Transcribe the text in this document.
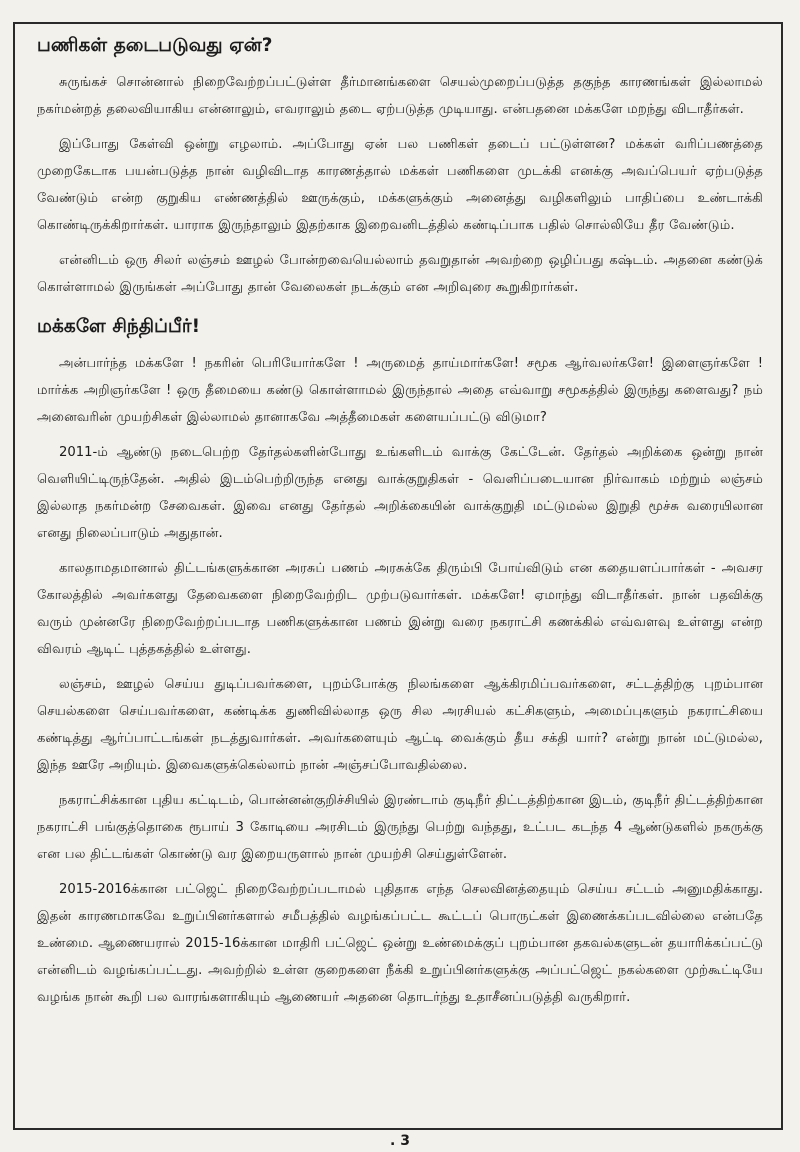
பணிகள் தடைபடுவது ஏன்?

சுருங்கச் சொன்னால் நிறைவேற்றப்பட்டுள்ள தீர்மானங்களை செயல்முறைப்படுத்த தகுந்த காரணங்கள் இல்லாமல் நகர்மன்றத் தலைவியாகிய என்னாலும், எவராலும் தடை ஏற்படுத்த முடியாது. என்பதனை மக்களே மறந்து விடாதீர்கள்.

இப்போது கேள்வி ஒன்று எழலாம். அப்போது ஏன் பல பணிகள் தடைப் பட்டுள்ளன? மக்கள் வரிப்பணத்தை முறைகேடாக பயன்படுத்த நான் வழிவிடாத காரணத்தால் மக்கள் பணிகளை முடக்கி எனக்கு அவப்பெயர் ஏற்படுத்த வேண்டும் என்ற குறுகிய எண்ணத்தில் ஊருக்கும், மக்களுக்கும் அனைத்து வழிகளிலும் பாதிப்பை உண்டாக்கி கொண்டிருக்கிறார்கள். யாராக இருந்தாலும் இதற்காக இறைவனிடத்தில் கண்டிப்பாக பதில் சொல்லியே தீர வேண்டும்.

என்னிடம் ஒரு சிலர் லஞ்சம் ஊழல் போன்றவையெல்லாம் தவறுதான் அவற்றை ஒழிப்பது கஷ்டம். அதனை கண்டுக் கொள்ளாமல் இருங்கள் அப்போது தான் வேலைகள் நடக்கும் என அறிவுரை கூறுகிறார்கள்.

மக்களே சிந்திப்பீர்!

அன்பார்ந்த மக்களே ! நகரின் பெரியோர்களே ! அருமைத் தாய்மார்களே! சமூக ஆர்வலர்களே! இளைஞர்களே ! மார்க்க அறிஞர்களே ! ஒரு தீமையை கண்டு கொள்ளாமல் இருந்தால் அதை எவ்வாறு சமூகத்தில் இருந்து களைவது? நம் அனைவரின் முயற்சிகள் இல்லாமல் தானாகவே அத்தீமைகள் களையப்பட்டு விடுமா?

2011-ம் ஆண்டு நடைபெற்ற தேர்தல்களின்போது உங்களிடம் வாக்கு கேட்டேன். தேர்தல் அறிக்கை ஒன்று நான் வெளியிட்டிருந்தேன். அதில் இடம்பெற்றிருந்த எனது வாக்குறுதிகள் - வெளிப்படையான நிர்வாகம் மற்றும் லஞ்சம் இல்லாத நகர்மன்ற சேவைகள். இவை எனது தேர்தல் அறிக்கையின் வாக்குறுதி மட்டுமல்ல இறுதி மூச்சு வரையிலான எனது நிலைப்பாடும் அதுதான்.

காலதாமதமானால் திட்டங்களுக்கான அரசுப் பணம் அரசுக்கே திரும்பி போய்விடும் என கதையளப்பார்கள் - அவசர கோலத்தில் அவர்களது தேவைகளை நிறைவேற்றிட முற்படுவார்கள். மக்களே! ஏமாந்து விடாதீர்கள். நான் பதவிக்கு வரும் முன்னரே நிறைவேற்றப்படாத பணிகளுக்கான பணம் இன்று வரை நகராட்சி கணக்கில் எவ்வளவு உள்ளது என்ற விவரம் ஆடிட் புத்தகத்தில் உள்ளது.

லஞ்சம், ஊழல் செய்ய துடிப்பவர்களை, புறம்போக்கு நிலங்களை ஆக்கிரமிப்பவர்களை, சட்டத்திற்கு புறம்பான செயல்களை செய்பவர்களை, கண்டிக்க துணிவில்லாத ஒரு சில அரசியல் கட்சிகளும், அமைப்புகளும் நகராட்சியை கண்டித்து ஆர்ப்பாட்டங்கள் நடத்துவார்கள். அவர்களையும் ஆட்டி வைக்கும் தீய சக்தி யார்? என்று நான் மட்டுமல்ல, இந்த ஊரே அறியும். இவைகளுக்கெல்லாம் நான் அஞ்சப்போவதில்லை.

நகராட்சிக்கான புதிய கட்டிடம், பொன்னன்குறிச்சியில் இரண்டாம் குடிநீர் திட்டத்திற்கான இடம், குடிநீர் திட்டத்திற்கான நகராட்சி பங்குத்தொகை ரூபாய் 3 கோடியை அரசிடம் இருந்து பெற்று வந்தது, உட்பட கடந்த 4 ஆண்டுகளில் நகருக்கு என பல திட்டங்கள் கொண்டு வர இறையருளால் நான் முயற்சி செய்துள்ளேன்.

2015-2016க்கான பட்ஜெட் நிறைவேற்றப்படாமல் புதிதாக எந்த செலவினத்தையும் செய்ய சட்டம் அனுமதிக்காது. இதன் காரணமாகவே உறுப்பினர்களால் சமீபத்தில் வழங்கப்பட்ட கூட்டப் பொருட்கள் இணைக்கப்படவில்லை என்பதே உண்மை. ஆணையரால் 2015-16க்கான மாதிரி பட்ஜெட் ஒன்று உண்மைக்குப் புறம்பான தகவல்களுடன் தயாரிக்கப்பட்டு என்னிடம் வழங்கப்பட்டது. அவற்றில் உள்ள குறைகளை நீக்கி உறுப்பினர்களுக்கு அப்பட்ஜெட் நகல்களை முற்கூட்டியே வழங்க நான் கூறி பல வாரங்களாகியும் ஆணையர் அதனை தொடர்ந்து உதாசீனப்படுத்தி வருகிறார்.

. 3
